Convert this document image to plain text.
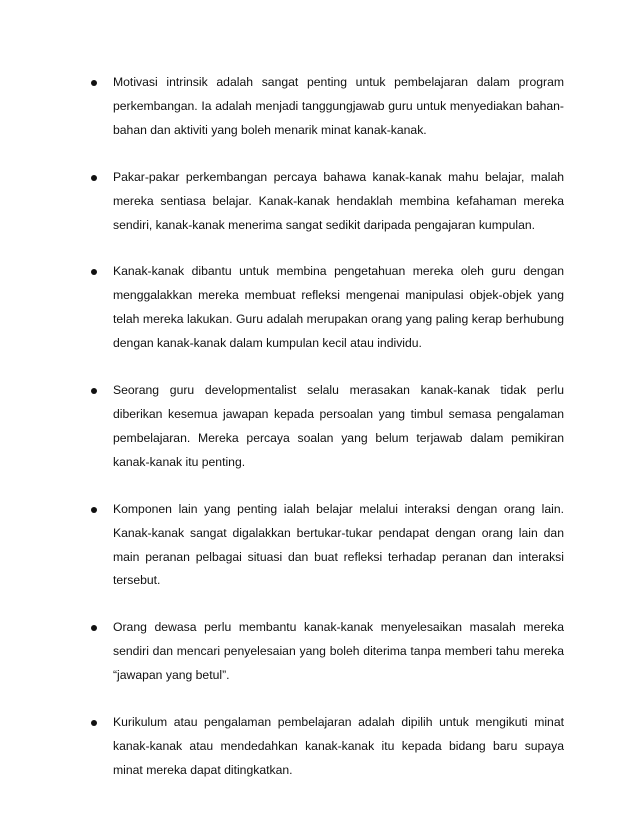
Motivasi intrinsik adalah sangat penting untuk pembelajaran dalam program perkembangan. Ia adalah menjadi tanggungjawab guru untuk menyediakan bahan-bahan dan aktiviti yang boleh menarik minat kanak-kanak.
Pakar-pakar perkembangan percaya bahawa kanak-kanak mahu belajar, malah mereka sentiasa belajar. Kanak-kanak hendaklah membina kefahaman mereka sendiri, kanak-kanak menerima sangat sedikit daripada pengajaran kumpulan.
Kanak-kanak dibantu untuk membina pengetahuan mereka oleh guru dengan menggalakkan mereka membuat refleksi mengenai manipulasi objek-objek yang telah mereka lakukan. Guru adalah merupakan orang yang paling kerap berhubung dengan kanak-kanak dalam kumpulan kecil atau individu.
Seorang guru developmentalist selalu merasakan kanak-kanak tidak perlu diberikan kesemua jawapan kepada persoalan yang timbul semasa pengalaman pembelajaran. Mereka percaya soalan yang belum terjawab dalam pemikiran kanak-kanak itu penting.
Komponen lain yang penting ialah belajar melalui interaksi dengan orang lain. Kanak-kanak sangat digalakkan bertukar-tukar pendapat dengan orang lain dan main peranan pelbagai situasi dan buat refleksi terhadap peranan dan interaksi tersebut.
Orang dewasa perlu membantu kanak-kanak menyelesaikan masalah mereka sendiri dan mencari penyelesaian yang boleh diterima tanpa memberi tahu mereka “jawapan yang betul”.
Kurikulum atau pengalaman pembelajaran adalah dipilih untuk mengikuti minat kanak-kanak atau mendedahkan kanak-kanak itu kepada bidang baru supaya minat mereka dapat ditingkatkan.
